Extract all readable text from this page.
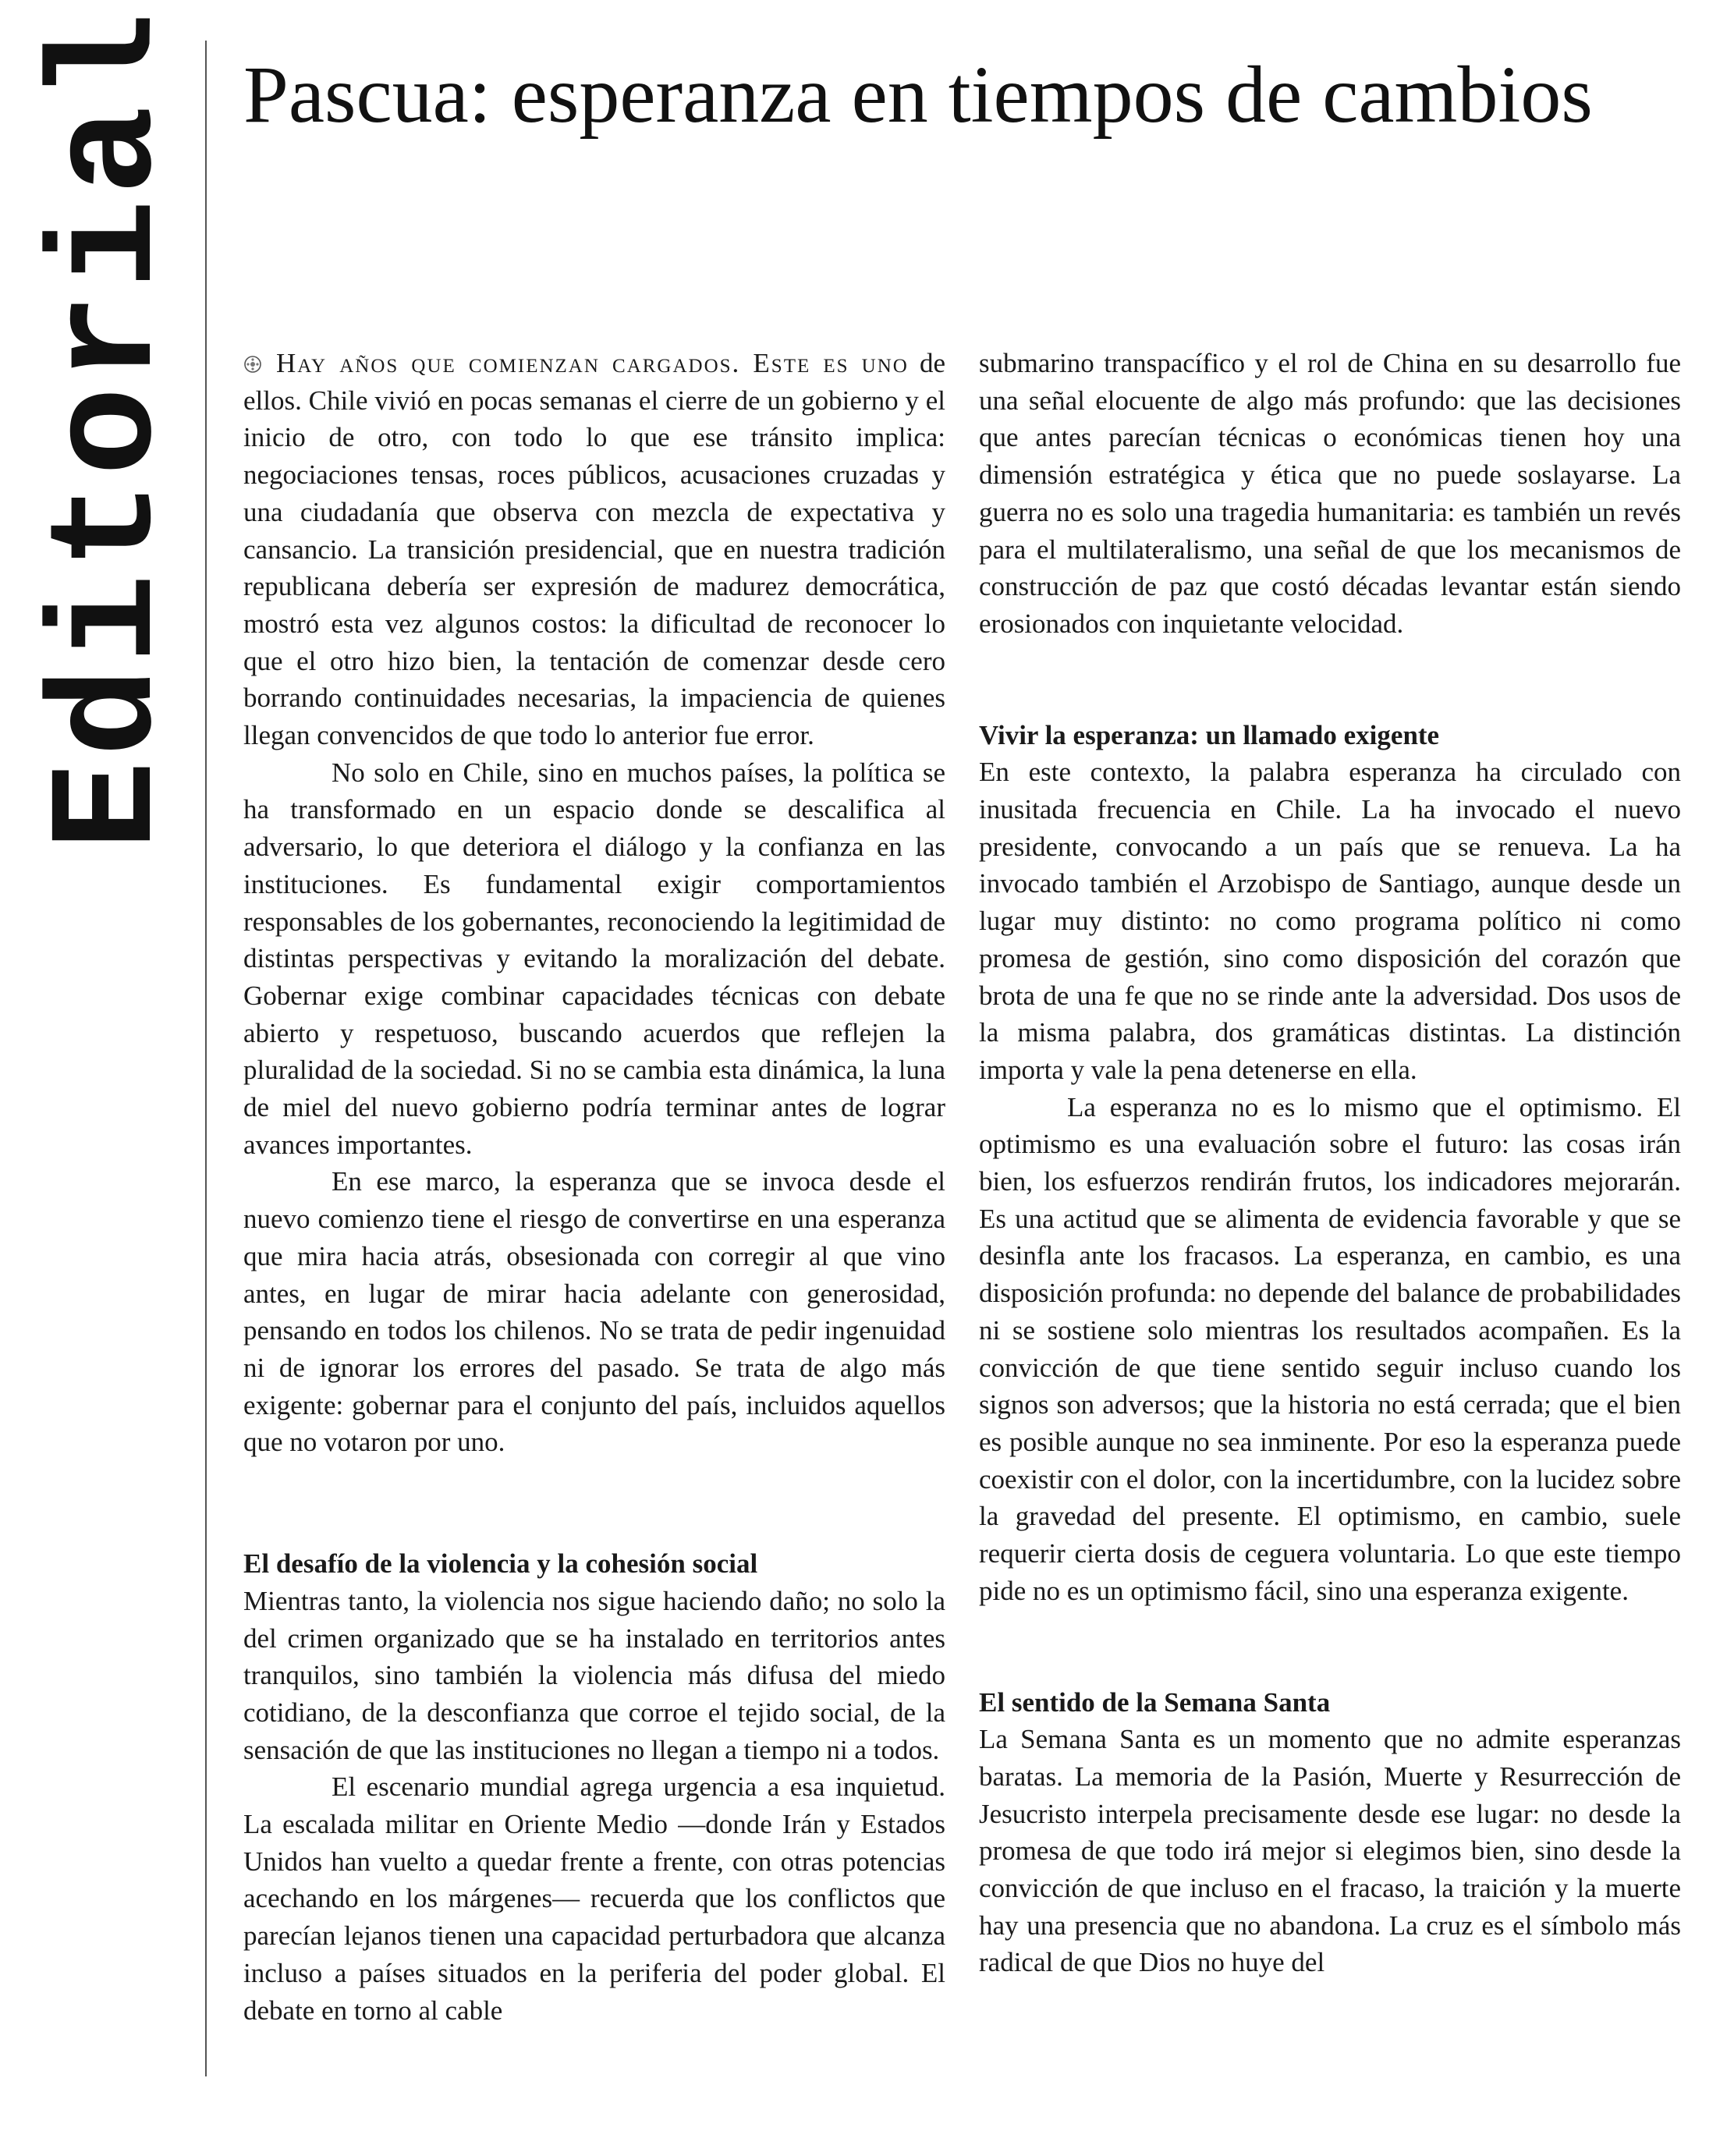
Editorial Pascua: esperanza en tiempos de cambios

Hay años que comienzan cargados. Este es uno de ellos. Chile vivió en pocas semanas el cierre de un gobierno y el inicio de otro, con todo lo que ese tránsito implica: negociaciones tensas, roces públicos, acusaciones cruzadas y una ciudadanía que observa con mezcla de expectativa y cansancio. La transición presidencial, que en nuestra tradición republicana debería ser expresión de madurez democrática, mostró esta vez algunos costos: la dificultad de reconocer lo que el otro hizo bien, la tentación de comenzar desde cero borrando continuidades necesarias, la impaciencia de quienes llegan convencidos de que todo lo anterior fue error.

No solo en Chile, sino en muchos países, la política se ha transformado en un espacio donde se descalifica al adversario, lo que deteriora el diálogo y la confianza en las instituciones. Es fundamental exigir comportamientos responsables de los gobernantes, reconociendo la legitimidad de distintas perspectivas y evitando la moralización del debate. Gobernar exige combinar capacidades técnicas con debate abierto y respetuoso, buscando acuerdos que reflejen la pluralidad de la sociedad. Si no se cambia esta dinámica, la luna de miel del nuevo gobierno podría terminar antes de lograr avances importantes.

En ese marco, la esperanza que se invoca desde el nuevo comienzo tiene el riesgo de convertirse en una esperanza que mira hacia atrás, obsesionada con corregir al que vino antes, en lugar de mirar hacia adelante con generosidad, pensando en todos los chilenos. No se trata de pedir ingenuidad ni de ignorar los errores del pasado. Se trata de algo más exigente: gobernar para el conjunto del país, incluidos aquellos que no votaron por uno.

El desafío de la violencia y la cohesión social

Mientras tanto, la violencia nos sigue haciendo daño; no solo la del crimen organizado que se ha instalado en territorios antes tranquilos, sino también la violencia más difusa del miedo cotidiano, de la desconfianza que corroe el tejido social, de la sensación de que las instituciones no llegan a tiempo ni a todos.

El escenario mundial agrega urgencia a esa inquietud. La escalada militar en Oriente Medio —donde Irán y Estados Unidos han vuelto a quedar frente a frente, con otras potencias acechando en los márgenes— recuerda que los conflictos que parecían lejanos tienen una capacidad perturbadora que alcanza incluso a países situados en la periferia del poder global. El debate en torno al cable

submarino transpacífico y el rol de China en su desarrollo fue una señal elocuente de algo más profundo: que las decisiones que antes parecían técnicas o económicas tienen hoy una dimensión estratégica y ética que no puede soslayarse. La guerra no es solo una tragedia humanitaria: es también un revés para el multilateralismo, una señal de que los mecanismos de construcción de paz que costó décadas levantar están siendo erosionados con inquietante velocidad.

Vivir la esperanza: un llamado exigente

En este contexto, la palabra esperanza ha circulado con inusitada frecuencia en Chile. La ha invocado el nuevo presidente, convocando a un país que se renueva. La ha invocado también el Arzobispo de Santiago, aunque desde un lugar muy distinto: no como programa político ni como promesa de gestión, sino como disposición del corazón que brota de una fe que no se rinde ante la adversidad. Dos usos de la misma palabra, dos gramáticas distintas. La distinción importa y vale la pena detenerse en ella.

La esperanza no es lo mismo que el optimismo. El optimismo es una evaluación sobre el futuro: las cosas irán bien, los esfuerzos rendirán frutos, los indicadores mejorarán. Es una actitud que se alimenta de evidencia favorable y que se desinfla ante los fracasos. La esperanza, en cambio, es una disposición profunda: no depende del balance de probabilidades ni se sostiene solo mientras los resultados acompañen. Es la convicción de que tiene sentido seguir incluso cuando los signos son adversos; que la historia no está cerrada; que el bien es posible aunque no sea inminente. Por eso la esperanza puede coexistir con el dolor, con la incertidumbre, con la lucidez sobre la gravedad del presente. El optimismo, en cambio, suele requerir cierta dosis de ceguera voluntaria. Lo que este tiempo pide no es un optimismo fácil, sino una esperanza exigente.

El sentido de la Semana Santa

La Semana Santa es un momento que no admite esperanzas baratas. La memoria de la Pasión, Muerte y Resurrección de Jesucristo interpela precisamente desde ese lugar: no desde la promesa de que todo irá mejor si elegimos bien, sino desde la convicción de que incluso en el fracaso, la traición y la muerte hay una presencia que no abandona. La cruz es el símbolo más radical de que Dios no huye del
